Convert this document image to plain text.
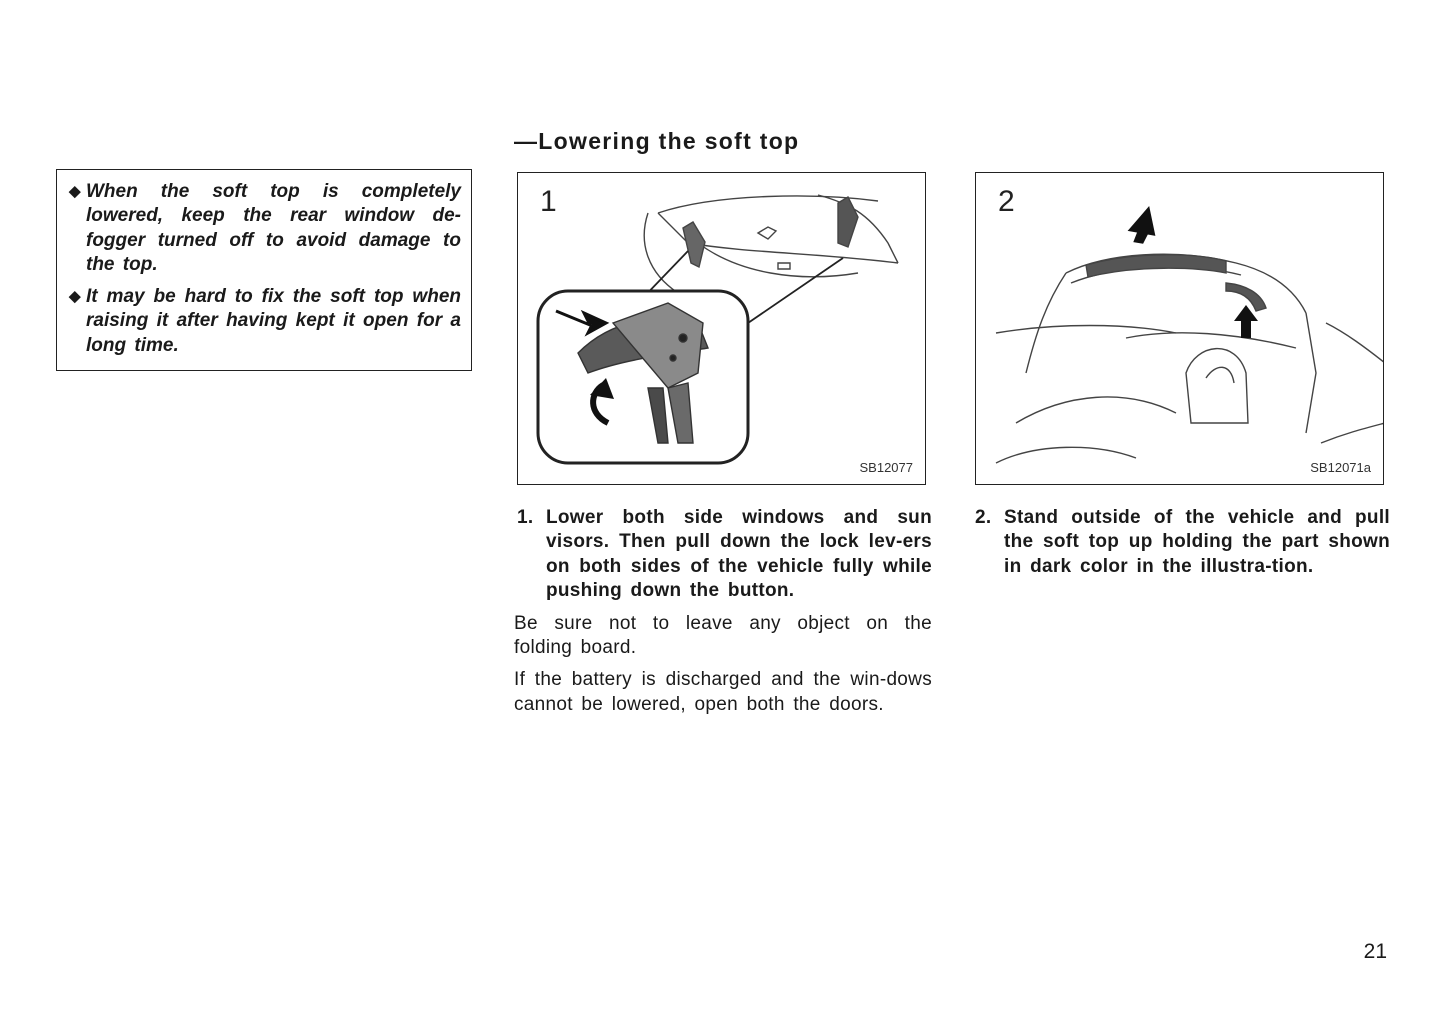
◆ When the soft top is completely lowered, keep the rear window de-fogger turned off to avoid damage to the top.
◆ It may be hard to fix the soft top when raising it after having kept it open for a long time.
—Lowering the soft top
1
SB12077
2
SB12071a
1. Lower both side windows and sun visors. Then pull down the lock lev-ers on both sides of the vehicle fully while pushing down the button.
Be sure not to leave any object on the folding board.
If the battery is discharged and the win-dows cannot be lowered, open both the doors.
2. Stand outside of the vehicle and pull the soft top up holding the part shown in dark color in the illustra-tion.
21
